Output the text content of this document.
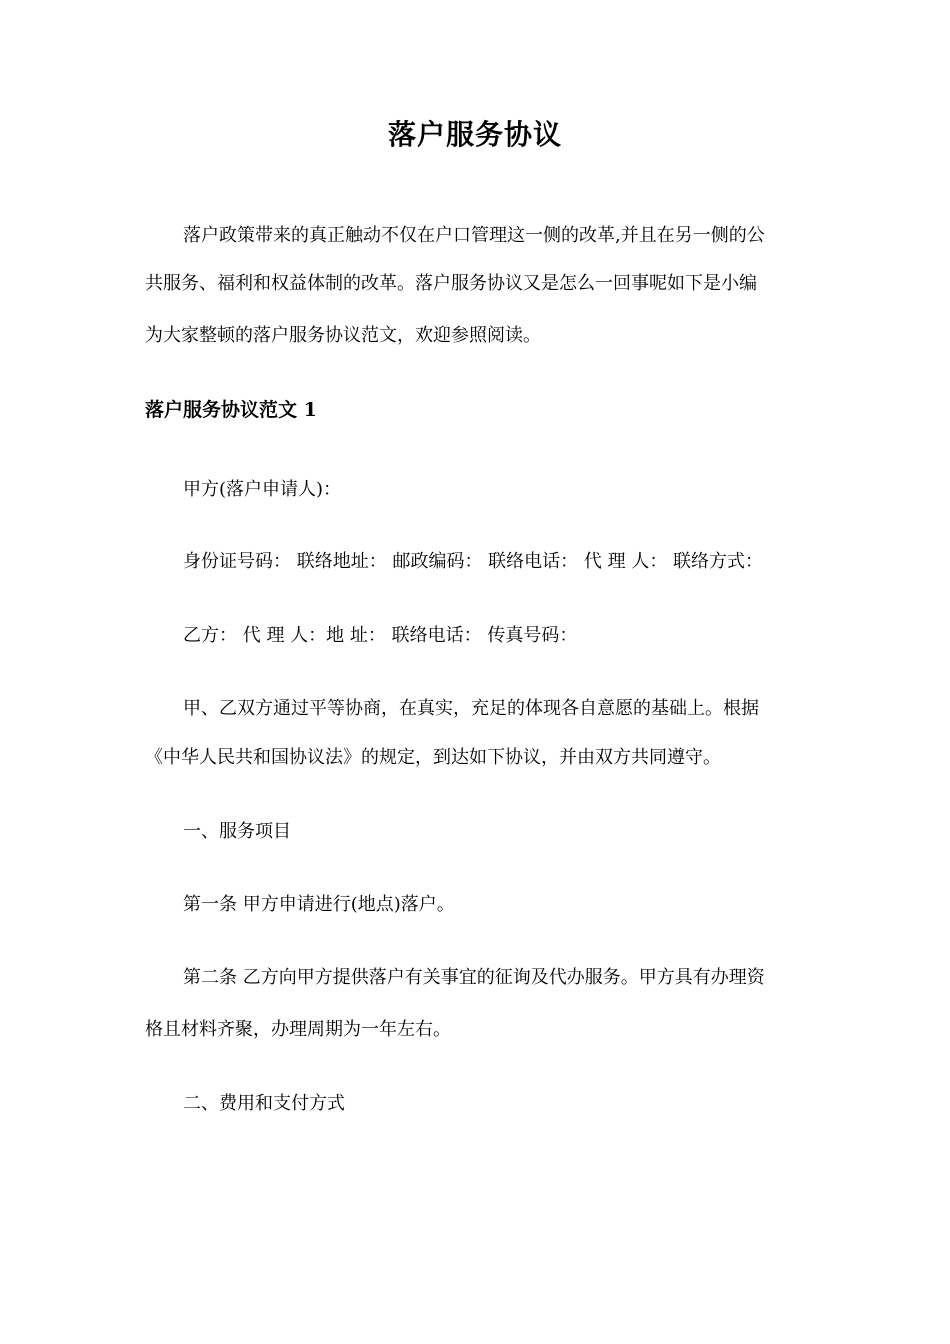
落户服务协议
落户政策带来的真正触动不仅在户口管理这一侧的改革,并且在另一侧的公
共服务、福利和权益体制的改革。落户服务协议又是怎么一回事呢如下是小编
为大家整顿的落户服务协议范文，欢迎参照阅读。
落户服务协议范文 1
甲方(落户申请人)：
身份证号码： 联络地址： 邮政编码： 联络电话： 代 理 人： 联络方式：
乙方： 代 理 人：地 址： 联络电话： 传真号码：
甲、乙双方通过平等协商，在真实，充足的体现各自意愿的基础上。根据
《中华人民共和国协议法》的规定，到达如下协议，并由双方共同遵守。
一、服务项目
第一条 甲方申请进行(地点)落户。
第二条 乙方向甲方提供落户有关事宜的征询及代办服务。甲方具有办理资
格且材料齐聚，办理周期为一年左右。
二、费用和支付方式
